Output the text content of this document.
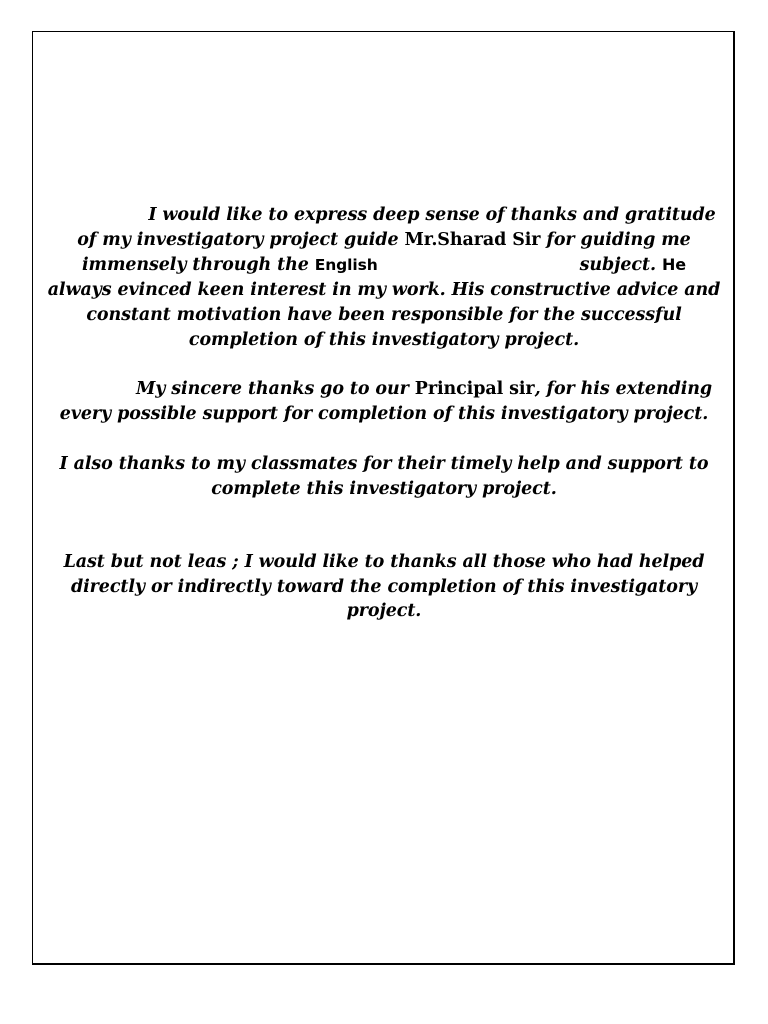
I would like to express deep sense of thanks and gratitude
of my investigatory project guide Mr.Sharad Sir for guiding me
immensely through the English	subject. He
always evinced keen interest in my work. His constructive advice and
constant motivation have been responsible for the successful
completion of this investigatory project.
My sincere thanks go to our Principal sir, for his extending
every possible support for completion of this investigatory project.
I also thanks to my classmates for their timely help and support to
complete this investigatory project.
Last but not leas ; I would like to thanks all those who had helped
directly or indirectly toward the completion of this investigatory
project.
